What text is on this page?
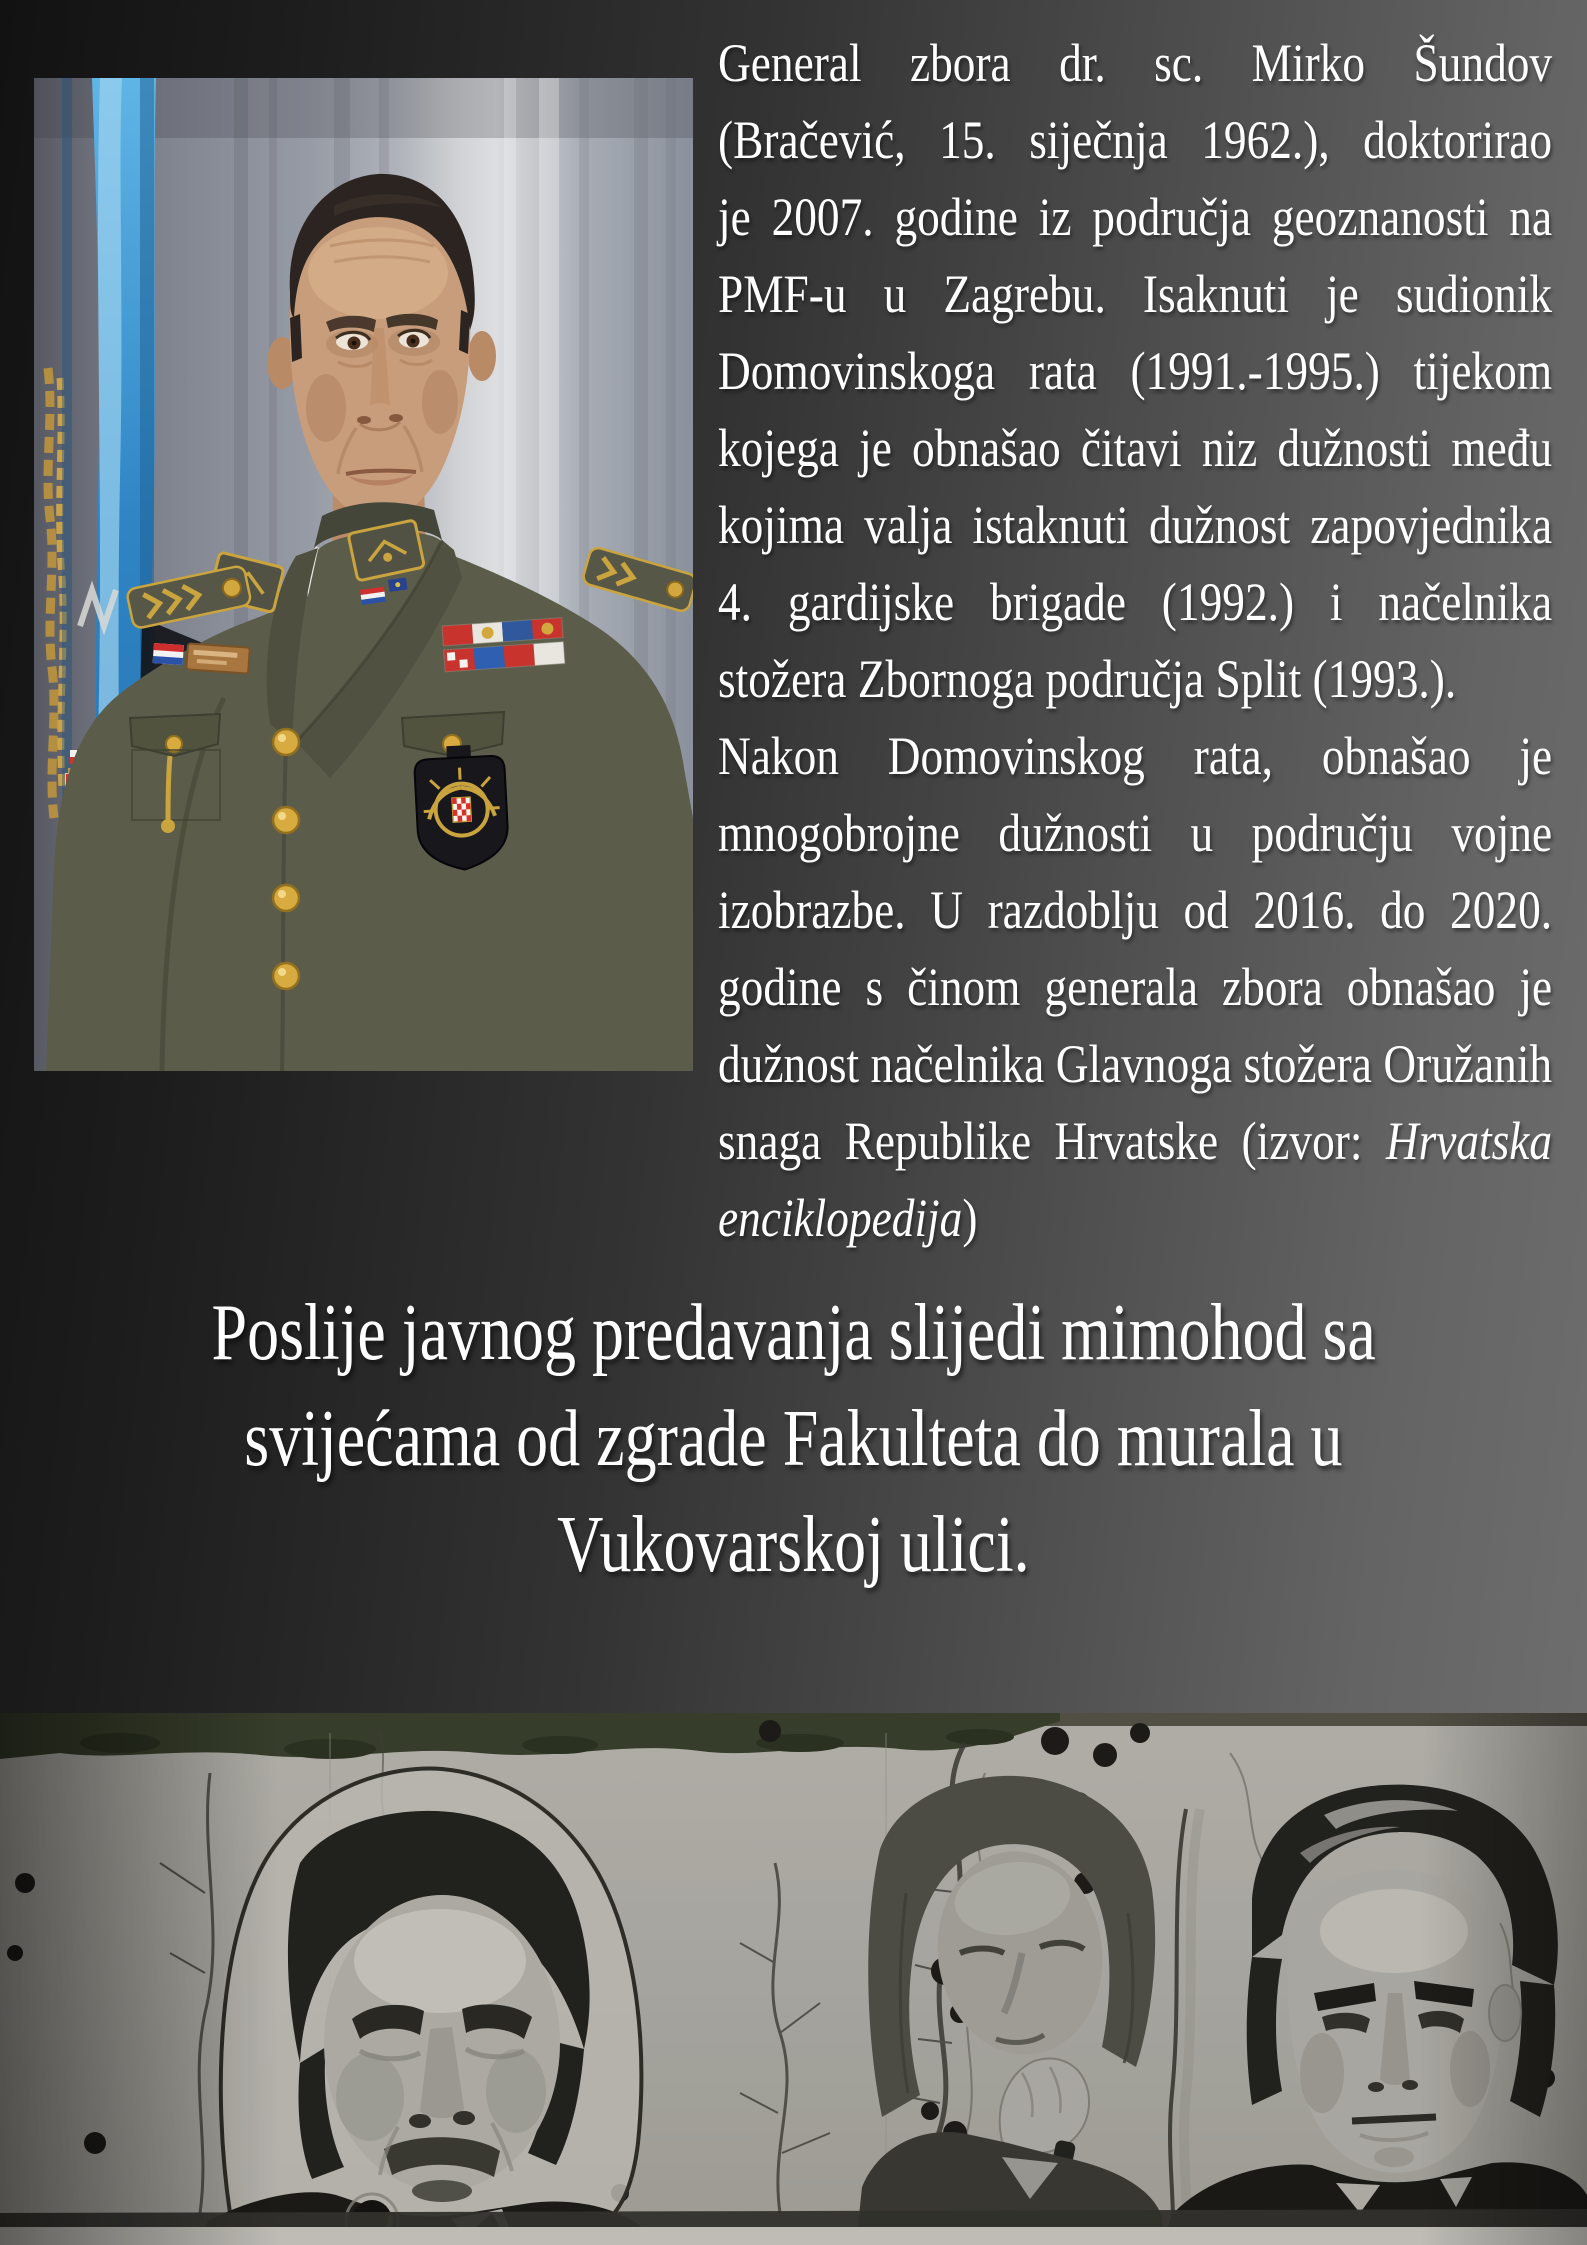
General zbora dr. sc. Mirko Šundov
(Bračević, 15. siječnja 1962.), doktorirao
je 2007. godine iz područja geoznanosti na
PMF-u u Zagrebu. Isaknuti je sudionik
Domovinskoga rata (1991.-1995.) tijekom
kojega je obnašao čitavi niz dužnosti među
kojima valja istaknuti dužnost zapovjednika
4. gardijske brigade (1992.) i načelnika
stožera Zbornoga područja Split (1993.).
Nakon Domovinskog rata, obnašao je
mnogobrojne dužnosti u području vojne
izobrazbe. U razdoblju od 2016. do 2020.
godine s činom generala zbora obnašao je
dužnost načelnika Glavnoga stožera Oružanih
snaga Republike Hrvatske (izvor: Hrvatska
enciklopedija)
Poslije javnog predavanja slijedi mimohod sa
svijećama od zgrade Fakulteta do murala u
Vukovarskoj ulici.
